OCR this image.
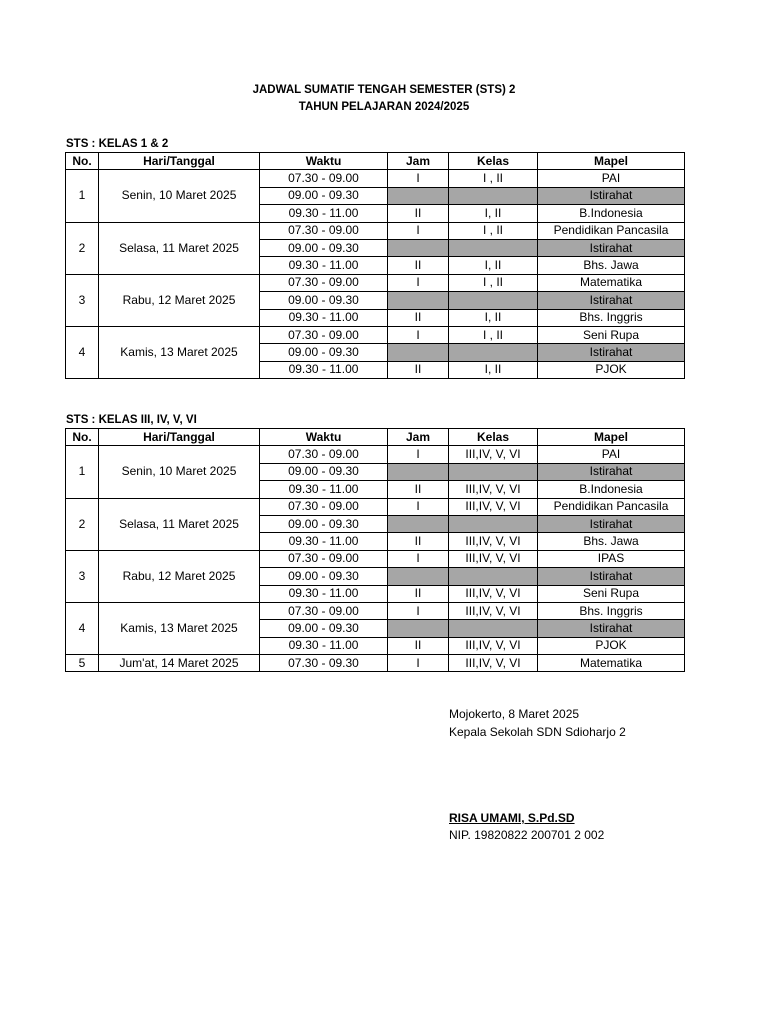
JADWAL SUMATIF TENGAH SEMESTER (STS) 2
TAHUN PELAJARAN 2024/2025
STS : KELAS 1 & 2
No.	Hari/Tanggal	Waktu	Jam	Kelas	Mapel
1	Senin, 10 Maret 2025	07.30 - 09.00	I	I , II	PAI
		09.00 - 09.30			Istirahat
		09.30 - 11.00	II	I, II	B.Indonesia
2	Selasa, 11 Maret 2025	07.30 - 09.00	I	I , II	Pendidikan Pancasila
		09.00 - 09.30			Istirahat
		09.30 - 11.00	II	I, II	Bhs. Jawa
3	Rabu, 12 Maret 2025	07.30 - 09.00	I	I , II	Matematika
		09.00 - 09.30			Istirahat
		09.30 - 11.00	II	I, II	Bhs. Inggris
4	Kamis, 13 Maret 2025	07.30 - 09.00	I	I , II	Seni Rupa
		09.00 - 09.30			Istirahat
		09.30 - 11.00	II	I, II	PJOK
STS : KELAS III, IV, V, VI
No.	Hari/Tanggal	Waktu	Jam	Kelas	Mapel
1	Senin, 10 Maret 2025	07.30 - 09.00	I	III,IV, V, VI	PAI
		09.00 - 09.30			Istirahat
		09.30 - 11.00	II	III,IV, V, VI	B.Indonesia
2	Selasa, 11 Maret 2025	07.30 - 09.00	I	III,IV, V, VI	Pendidikan Pancasila
		09.00 - 09.30			Istirahat
		09.30 - 11.00	II	III,IV, V, VI	Bhs. Jawa
3	Rabu, 12 Maret 2025	07.30 - 09.00	I	III,IV, V, VI	IPAS
		09.00 - 09.30			Istirahat
		09.30 - 11.00	II	III,IV, V, VI	Seni Rupa
4	Kamis, 13 Maret 2025	07.30 - 09.00	I	III,IV, V, VI	Bhs. Inggris
		09.00 - 09.30			Istirahat
		09.30 - 11.00	II	III,IV, V, VI	PJOK
5	Jum'at, 14 Maret 2025	07.30 - 09.30	I	III,IV, V, VI	Matematika
Mojokerto, 8 Maret 2025
Kepala Sekolah SDN Sdioharjo 2
RISA UMAMI, S.Pd.SD
NIP. 19820822 200701 2 002
